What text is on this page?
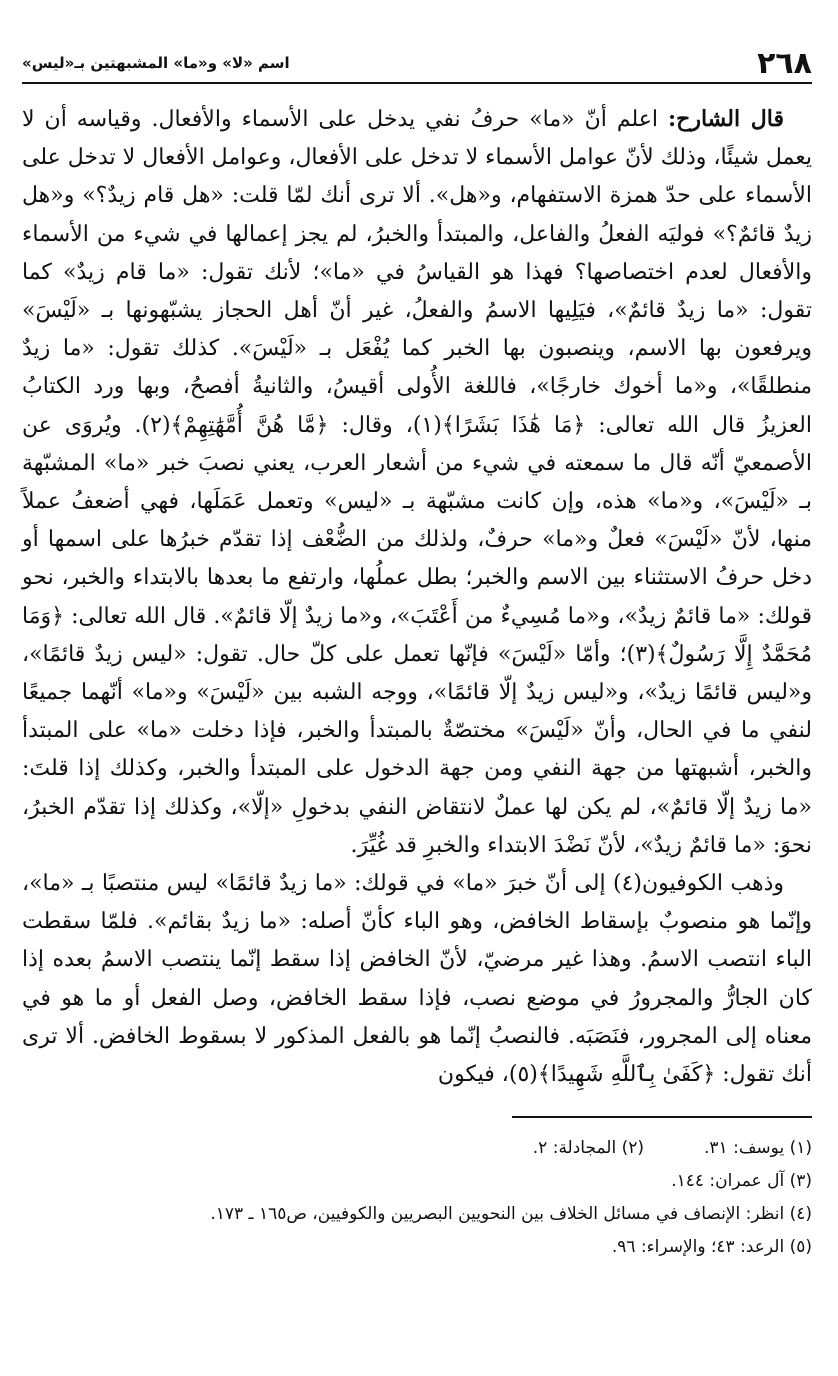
٢٦٨
اسم «لا» و«ما» المشبهتين بـ«ليس»

قال الشارح: اعلم أنّ «ما» حرفُ نفي يدخل على الأسماء والأفعال. وقياسه أن لا يعمل شيئًا، وذلك لأنّ عوامل الأسماء لا تدخل على الأفعال، وعوامل الأفعال لا تدخل على الأسماء على حدّ همزة الاستفهام، و«هل». ألا ترى أنك لمّا قلت: «هل قام زيدٌ؟» و«هل زيدٌ قائمٌ؟» فوليَه الفعلُ والفاعل، والمبتدأ والخبرُ، لم يجز إعمالها في شيء من الأسماء والأفعال لعدم اختصاصها؟ فهذا هو القياسُ في «ما»؛ لأنك تقول: «ما قام زيدٌ» كما تقول: «ما زيدٌ قائمٌ»، فيَلِيها الاسمُ والفعلُ، غير أنّ أهل الحجاز يشبّهونها بـ «لَيْسَ» ويرفعون بها الاسم، وينصبون بها الخبر كما يُفْعَل بـ «لَيْسَ». كذلك تقول: «ما زيدٌ منطلقًا»، و«ما أخوك خارجًا»، فاللغة الأُولى أقيسُ، والثانيةُ أفصحُ، وبها ورد الكتابُ العزيزُ قال الله تعالى: ﴿مَا هَٰذَا بَشَرًا﴾(١)، وقال: ﴿مَّا هُنَّ أُمَّهَٰتِهِمْ﴾(٢). ويُروَى عن الأصمعيّ أنّه قال ما سمعته في شيء من أشعار العرب، يعني نصبَ خبر «ما» المشبّهة بـ «لَيْسَ»، و«ما» هذه، وإن كانت مشبّهة بـ «ليس» وتعمل عَمَلَها، فهي أضعفُ عملاً منها، لأنّ «لَيْسَ» فعلٌ و«ما» حرفٌ، ولذلك من الضُّعْف إذا تقدّم خبرُها على اسمها أو دخل حرفُ الاستثناء بين الاسم والخبر؛ بطل عملُها، وارتفع ما بعدها بالابتداء والخبر، نحو قولك: «ما قائمٌ زيدٌ»، و«ما مُسِيءٌ من أَعْتَبَ»، و«ما زيدٌ إلّا قائمٌ». قال الله تعالى: ﴿وَمَا مُحَمَّدٌ إِلَّا رَسُولٌ﴾(٣)؛ وأمّا «لَيْسَ» فإنّها تعمل على كلّ حال. تقول: «ليس زيدٌ قائمًا»، و«ليس قائمًا زيدٌ»، و«ليس زيدٌ إلّا قائمًا»، ووجه الشبه بين «لَيْسَ» و«ما» أنّهما جميعًا لنفي ما في الحال، وأنّ «لَيْسَ» مختصّةٌ بالمبتدأ والخبر، فإذا دخلت «ما» على المبتدأ والخبر، أشبهتها من جهة النفي ومن جهة الدخول على المبتدأ والخبر، وكذلك إذا قلتَ: «ما زيدٌ إلّا قائمٌ»، لم يكن لها عملٌ لانتقاض النفي بدخولِ «إلّا»، وكذلك إذا تقدّم الخبرُ، نحوَ: «ما قائمٌ زيدٌ»، لأنّ نَضْدَ الابتداء والخبرِ قد غُيِّرَ.

وذهب الكوفيون(٤) إلى أنّ خبرَ «ما» في قولك: «ما زيدٌ قائمًا» ليس منتصبًا بـ «ما»، وإنّما هو منصوبٌ بإسقاط الخافض، وهو الباء كأنّ أصله: «ما زيدٌ بقائم». فلمّا سقطت الباء انتصب الاسمُ. وهذا غير مرضيّ، لأنّ الخافض إذا سقط إنّما ينتصب الاسمُ بعده إذا كان الجارُّ والمجرورُ في موضع نصب، فإذا سقط الخافض، وصل الفعل أو ما هو في معناه إلى المجرور، فنَصَبَه. فالنصبُ إنّما هو بالفعل المذكور لا بسقوط الخافض. ألا ترى أنك تقول: ﴿كَفَىٰ بِٱللَّهِ شَهِيدًا﴾(٥)، فيكون

(١) يوسف: ٣١.
(٢) المجادلة: ٢.
(٣) آل عمران: ١٤٤.
(٤) انظر: الإنصاف في مسائل الخلاف بين النحويين البصريين والكوفيين، ص١٦٥ ـ ١٧٣.
(٥) الرعد: ٤٣؛ والإسراء: ٩٦.
